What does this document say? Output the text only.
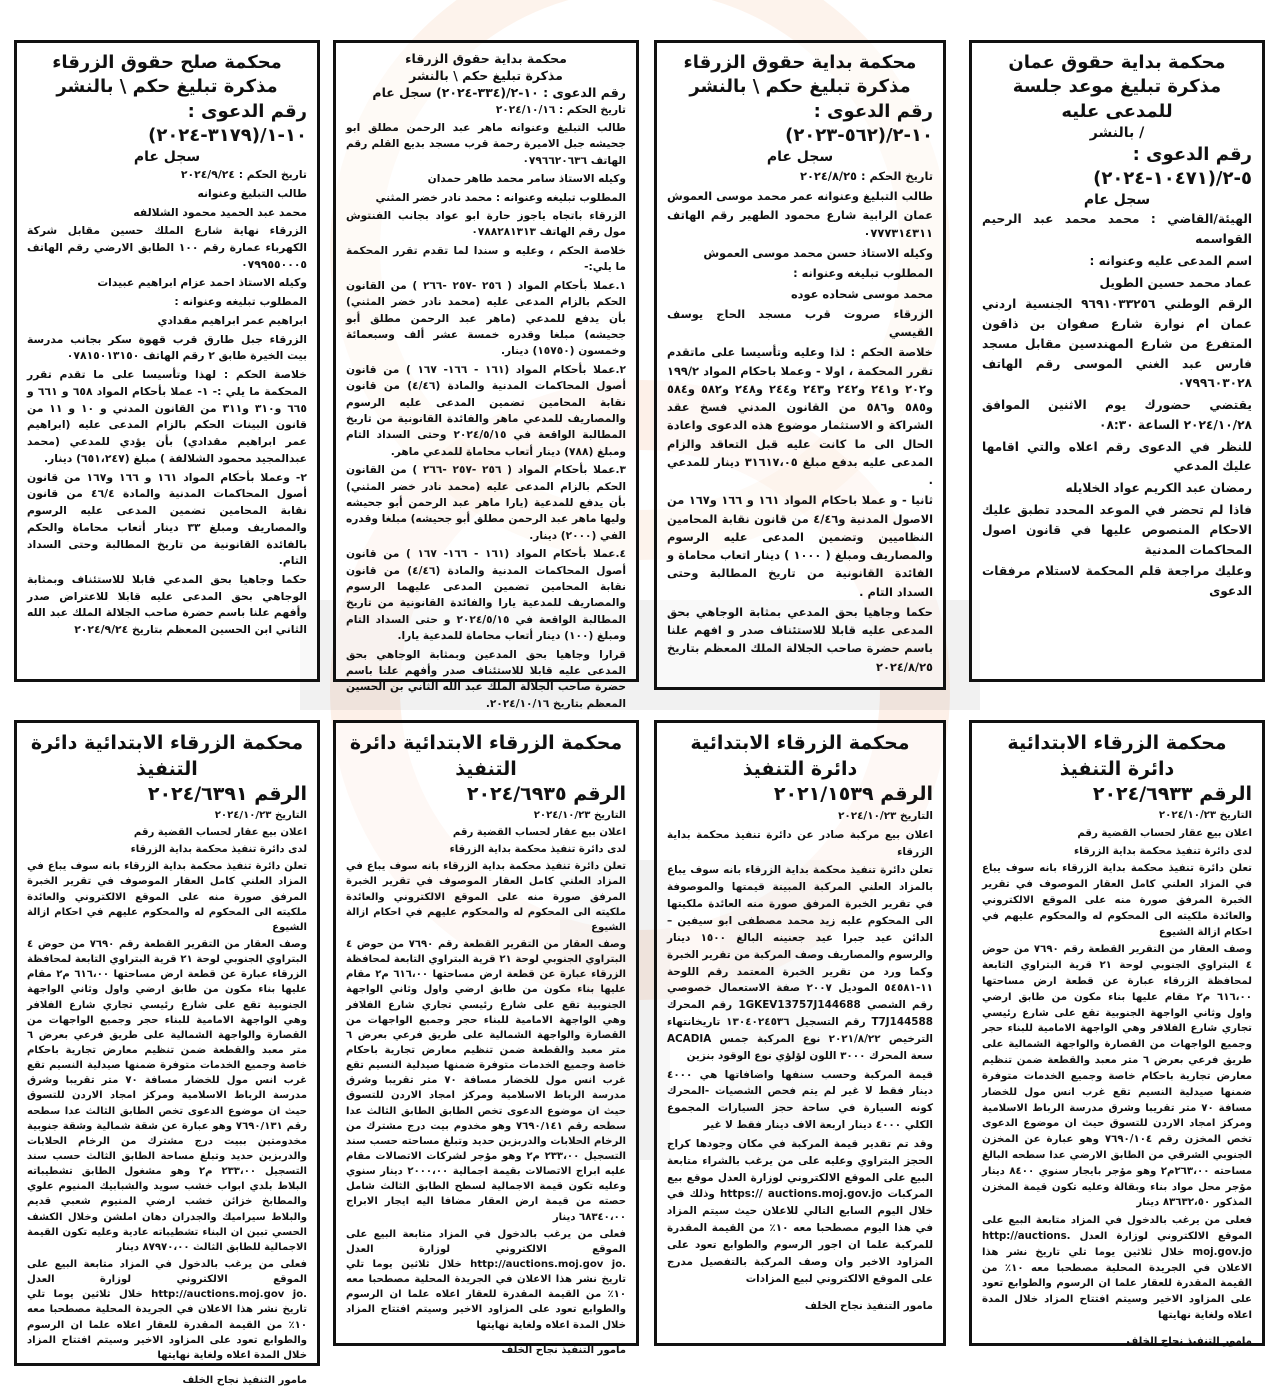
محكمة بداية حقوق عمان
مذكرة تبليغ موعد جلسة للمدعى عليه
/ بالنشر
رقم الدعوى : ٥-٢/(١٠٤٧١-٢٠٢٤)
سجل عام

الهيئة/القاضي : محمد محمد عبد الرحيم القواسمه

اسم المدعى عليه وعنوانه :

عماد محمد حسين الطويل

الرقم الوطني ٩٦٩١٠٣٣٢٥٦ الجنسية اردني عمان ام نوارة شارع صفوان بن ذاقون المتفرع من شارع المهندسين مقابل مسجد فارس عبد الغني الموسى رقم الهاتف ٠٧٩٩٦٠٣٠٢٨

يقتضي حضورك يوم الاثنين الموافق ٢٠٢٤/١٠/٢٨ الساعة ٠٨:٣٠

للنظر في الدعوى رقم اعلاه والتي اقامها عليك المدعي

رمضان عبد الكريم عواد الخلايله

فاذا لم تحضر في الموعد المحدد تطبق عليك الاحكام المنصوص عليها في قانون اصول المحاكمات المدنية

وعليك مراجعة قلم المحكمة لاستلام مرفقات الدعوى

محكمة بداية حقوق الزرقاء
مذكرة تبليغ حكم \ بالنشر
رقم الدعوى : ١٠-٢/(٥٦٢-٢٠٢٣)
سجل عام

تاريخ الحكم : ٢٠٢٤/٨/٢٥

طالب التبليغ وعنوانه عمر محمد موسى العموش عمان الرابية شارع محمود الطهير رقم الهاتف ٠٧٧٧٣١٤٣١١

وكيله الاستاذ حسن محمد موسى العموش

المطلوب تبليغه وعنوانه :

محمد موسى شحاده عوده

الزرقاء صروت قرب مسجد الحاج يوسف القيسي

خلاصة الحكم : لذا وعليه وتأسيسا على ماتقدم تقرر المحكمة ، اولا - وعملا باحكام المواد ١٩٩/٢ و٢٠٢ و٢٤١ و٢٤٢ و٢٤٣ و٢٤٤ و٢٤٨ و٥٨٢ و٥٨٤ و٥٨٥ و٥٨٦ من القانون المدني فسخ عقد الشراكة و الاستثمار موضوع هذه الدعوى واعادة الحال الى ما كانت عليه قبل التعاقد والزام المدعى عليه بدفع مبلغ ٣١٦١٧،٠٥ دينار للمدعي .

ثانيا - و عملا باحكام المواد ١٦١ و ١٦٦ و١٦٧ من الاصول المدنية و٤/٤٦ من قانون نقابة المحامين النظاميين وتضمين المدعى عليه الرسوم والمصاريف ومبلغ ( ١٠٠٠ ) دينار اتعاب محاماة و الفائدة القانونية من تاريخ المطالبة وحتى السداد التام .

حكما وجاهيا بحق المدعي بمثابة الوجاهي بحق المدعى عليه قابلا للاستئناف صدر و افهم علنا باسم حضرة صاحب الجلالة الملك المعظم بتاريخ ٢٠٢٤/٨/٢٥

محكمة بداية حقوق الزرقاء
مذكرة تبليغ حكم \ بالنشر
رقم الدعوى : ١٠-٢/(٣٣٤-٢٠٢٤) سجل عام

تاريخ الحكم : ٢٠٢٤/١٠/١٦

طالب التبليغ وعنوانه ماهر عبد الرحمن مطلق ابو جحيشه جبل الاميرة رحمة قرب مسجد بديع القلم رقم الهاتف ٠٧٩٦٦٢٠٦٣٦

وكيله الاستاذ سامر محمد طاهر حمدان

المطلوب تبليغه وعنوانه : محمد نادر خضر المثني

الزرقاء باتجاه ياجوز حارة ابو عواد بجانب الفنتوش مول رقم الهاتف ٠٧٨٨٢٨١٣١٣

خلاصة الحكم ، وعليه و سندا لما تقدم تقرر المحكمة ما يلي:-

١.عملا بأحكام المواد ( ٢٥٦ -٢٥٧ -٢٦٦ ) من القانون الحكم بالزام المدعى عليه (محمد نادر خضر المثني) بأن يدفع للمدعي (ماهر عبد الرحمن مطلق أبو جحيشه) مبلغا وقدره خمسة عشر ألف وسبعمائة وخمسون (١٥٧٥٠) دينار.

٢.عملا بأحكام المواد (١٦١ - ١٦٦- ١٦٧ ) من قانون أصول المحاكمات المدنية والمادة (٤/٤٦) من قانون نقابة المحامين تضمين المدعى عليه الرسوم والمصاريف للمدعي ماهر والفائدة القانونية من تاريخ المطالبة الواقعة في ٢٠٢٤/٥/١٥ وحتى السداد التام ومبلغ (٧٨٨) دينار أتعاب محاماة للمدعي ماهر.

٣.عملا بأحكام المواد ( ٢٥٦ -٢٥٧ -٢٦٦ ) من القانون الحكم بالزام المدعى عليه (محمد نادر خضر المثني) بأن يدفع للمدعية (يارا ماهر عبد الرحمن أبو جحيشه وليها ماهر عبد الرحمن مطلق أبو جحيشه) مبلغا وقدره الفي (٢٠٠٠) دينار.

٤.عملا بأحكام المواد (١٦١ - ١٦٦- ١٦٧ ) من قانون أصول المحاكمات المدنية والمادة (٤/٤٦) من قانون نقابة المحامين تضمين المدعى عليهما الرسوم والمصاريف للمدعية يارا والفائدة القانونية من تاريخ المطالبة الواقعة في ٢٠٢٤/٥/١٥ و حتى السداد التام ومبلغ (١٠٠) دينار أتعاب محاماة للمدعية يارا.

قرارا وجاهيا بحق المدعين وبمثابة الوجاهي بحق المدعى عليه قابلا للاستئناف صدر وأفهم علنا باسم حضرة صاحب الجلالة الملك عبد الله الثاني بن الحسين المعظم بتاريخ ٢٠٢٤/١٠/١٦.

محكمة صلح حقوق الزرقاء
مذكرة تبليغ حكم \ بالنشر
رقم الدعوى : ١٠-١/(٣١٧٩-٢٠٢٤)
سجل عام

تاريخ الحكم : ٢٠٢٤/٩/٢٤

طالب التبليغ وعنوانه

محمد عبد الحميد محمود الشلالفه

الزرقاء نهاية شارع الملك حسين مقابل شركة الكهرباء عمارة رقم ١٠٠ الطابق الارضي رقم الهاتف ٠٧٩٩٥٥٠٠٠٥

وكيله الاستاذ احمد عزام ابراهيم عبيدات

المطلوب تبليغه وعنوانه :

ابراهيم عمر ابراهيم مقدادي

الزرقاء جبل طارق قرب قهوة سكر بجانب مدرسة بيت الخيرة طابق ٢ رقم الهاتف ٠٧٨١٥٠١٣١٥٠

خلاصة الحكم : لهذا وتأسيسا على ما تقدم تقرر المحكمة ما يلي :- ١- عملا بأحكام المواد ٦٥٨ و ٦٦١ و ٦٦٥ و٣١٠ و٣١١ من القانون المدني و ١٠ و ١١ من قانون البينات الحكم بالزام المدعى عليه (ابراهيم عمر ابراهيم مقدادي) بأن يؤدي للمدعي (محمد عبدالمجيد محمود الشلالفة ) مبلغ (٦٥١،٢٤٧) دينار.

٢- وعملا بأحكام المواد ١٦١ و ١٦٦ و١٦٧ من قانون أصول المحاكمات المدنية والمادة ٤٦/٤ من قانون نقابة المحامين تضمين المدعى عليه الرسوم والمصاريف ومبلغ ٣٣ دينار أتعاب محاماة والحكم بالفائدة القانونية من تاريخ المطالبة وحتى السداد التام.

حكما وجاهيا بحق المدعي قابلا للاستئناف وبمثابة الوجاهي بحق المدعى عليه قابلا للاعتراض صدر وأفهم علنا باسم حضرة صاحب الجلالة الملك عبد الله الثاني ابن الحسين المعظم بتاريخ ٢٠٢٤/٩/٢٤

محكمة الزرقاء الابتدائية دائرة التنفيذ
الرقم ٢٠٢٤/٦٩٣٣

التاريخ ٢٠٢٤/١٠/٢٣

اعلان بيع عقار لحساب القضية رقم

لدى دائرة تنفيذ محكمة بداية الزرقاء

تعلن دائرة تنفيذ محكمة بداية الزرقاء بانه سوف يباع في المزاد العلني كامل العقار الموصوف في تقرير الخبرة المرفق صورة منه على الموقع الالكتروني والعائدة ملكيته الى المحكوم له والمحكوم عليهم في احكام ازالة الشيوع

وصف العقار من التقرير القطعة رقم ٧٦٩٠ من حوض ٤ البتراوي الجنوبي لوحة ٢١ قرية البتراوي التابعة لمحافظة الزرقاء عبارة عن قطعة ارض مساحتها ٦١٦،٠٠ م٢ مقام عليها بناء مكون من طابق ارضي واول وثاني الواجهة الجنوبية تقع على شارع رئيسي تجاري شارع الفلافر وهي الواجهة الامامية للبناء حجر وجميع الواجهات من القصارة والواجهة الشمالية على طريق فرعي بعرض ٦ متر معبد والقطعة ضمن تنظيم معارض تجارية باحكام خاصة وجميع الخدمات متوفرة ضمنها صيدلية النسيم تقع غرب انس مول للخضار مسافة ٧٠ متر تقريبا وشرق مدرسة الرباط الاسلامية ومركز امجاد الاردن للتسوق حيث ان موضوع الدعوى تخص المخزن رقم ٧٦٩٠/١٠٤ وهو عبارة عن المخزن الجنوبي الشرقي من الطابق الارضي عدا سطحه البالغ مساحته ٢٦٣،٠٠م٢ وهو مؤجر بايجار سنوي ٨٤٠٠ دينار مؤجر محل مواد بناء وبقالة وعليه تكون قيمة المخزن المذكور ٨٣٦٣٢،٥٠ دينار

فعلى من يرغب بالدخول في المزاد متابعة البيع على الموقع الالكتروني لوزارة العدل .http://auctions moj.gov.jo خلال ثلاثين يوما تلي تاريخ نشر هذا الاعلان في الجريدة المحلية مصطحبا معه ١٠٪ من القيمة المقدرة للعقار علما ان الرسوم والطوابع تعود على المزاود الاخير وسيتم افتتاح المزاد خلال المدة اعلاه ولغاية نهايتها

مامور التنفيذ نجاح الخلف
محكمة الزرقاء الابتدائية دائرة التنفيذ
الرقم ٢٠٢١/١٥٣٩

التاريخ ٢٠٢٤/١٠/٢٣

اعلان بيع مركبة صادر عن دائرة تنفيذ محكمة بداية الزرقاء

تعلن دائرة تنفيذ محكمة بداية الزرقاء بانه سوف يباع بالمزاد العلني المركبة المبينة قيمتها والموصوفة في تقرير الخبرة المرفق صورة منه العائدة ملكيتها الى المحكوم عليه زيد محمد مصطفى ابو سيفين – الدائن عيد جبرا عيد جعنينه البالغ ١٥٠٠ دينار والرسوم والمصاريف وصف المركبة من تقرير الخبرة وكما ورد من تقرير الخبرة المعتمد رقم اللوحة ١١-٥٤٥٨١ الموديل ٢٠٠٧ صفة الاستعمال خصوصي رقم الشصي 1GKEV13757J144688 رقم المحرك T7J144588 رقم التسجيل ١٣٠٤٠٢٤٥٣٦ تاريخانتهاء الترخيص ٢٠٢١/٨/٢٢ نوع المركبة جمس ACADIA سعة المحرك ٣٠٠٠ اللون لؤلؤي نوع الوقود بنزين

قيمة المركبة وحسب سنفها واضافاتها هي ٤٠٠٠ دينار فقط لا غير لم يتم فحص الشصيات -المحرك كونه السيارة في ساحة حجز السيارات المجموع الكلي ٤٠٠٠ دينار اربعة الاف دينار فقط لا غير

وقد تم تقدير قيمة المركبة في مكان وجودها كراج الحجز البتراوي وعليه على من يرغب بالشراء متابعة البيع على الموقع الالكتروني لوزارة العدل موقع بيع المركبات https:// auctions.moj.gov.jo وذلك في خلال اليوم السابع التالي للاعلان حيث سيتم المزاد في هذا اليوم مصطحبا معه ١٠٪ من القيمة المقدرة للمركبة علما ان اجور الرسوم والطوابع تعود على المزاود الاخير وان وصف المركبة بالتفصيل مدرج على الموقع الالكتروني لبيع المزادات

مامور التنفيذ نجاح الخلف
محكمة الزرقاء الابتدائية دائرة التنفيذ
الرقم ٢٠٢٤/٦٩٣٥

التاريخ ٢٠٢٤/١٠/٢٣

اعلان بيع عقار لحساب القضية رقم

لدى دائرة تنفيذ محكمة بداية الزرقاء

تعلن دائرة تنفيذ محكمة بداية الزرقاء بانه سوف يباع في المزاد العلني كامل العقار الموصوف في تقرير الخبرة المرفق صورة منه على الموقع الالكتروني والعائدة ملكيته الى المحكوم له والمحكوم عليهم في احكام ازالة الشيوع

وصف العقار من التقرير القطعة رقم ٧٦٩٠ من حوض ٤ البتراوي الجنوبي لوحة ٢١ قرية البتراوي التابعة لمحافظة الزرقاء عبارة عن قطعة ارض مساحتها ٦١٦،٠٠ م٢ مقام عليها بناء مكون من طابق ارضي واول وثاني الواجهة الجنوبية تقع على شارع رئيسي تجاري شارع الفلافر وهي الواجهة الامامية للبناء حجر وجميع الواجهات من القصارة والواجهة الشمالية على طريق فرعي بعرض ٦ متر معبد والقطعة ضمن تنظيم معارض تجارية باحكام خاصة وجميع الخدمات متوفرة ضمنها صيدلية النسيم تقع غرب انس مول للخضار مسافة ٧٠ متر تقريبا وشرق مدرسة الرباط الاسلامية ومركز امجاد الاردن للتسوق حيث ان موضوع الدعوى تخص الطابق الطابق الثالث عدا سطحه رقم ٧٦٩٠/١٤١ وهو مخدوم بيت درج مشترك من الرخام الحلابات والدربزين حديد وتبلغ مساحته حسب سند التسجيل ٢٣٣،٠٠ م٢ وهو مؤجر لشركات الاتصالات مقام عليه ابراج الاتصالات بقيمة اجمالية ٢٠٠٠،٠٠ دينار سنوي وعليه تكون قيمة الاجمالية لسطح الطابق الثالث شامل حصته من قيمة ارض العقار مضافا اليه ايجار الابراج ٦٨٣٤٠،٠٠ دينار

فعلى من يرغب بالدخول في المزاد متابعة البيع على الموقع الالكتروني لوزارة العدل .http://auctions.moj.gov jo خلال ثلاثين يوما تلي تاريخ نشر هذا الاعلان في الجريدة المحلية مصطحبا معه ١٠٪ من القيمة المقدرة للعقار اعلاه علما ان الرسوم والطوابع تعود على المزاود الاخير وسيتم افتتاح المزاد خلال المدة اعلاه ولغاية نهايتها

مامور التنفيذ نجاح الخلف
محكمة الزرقاء الابتدائية دائرة التنفيذ
الرقم ٢٠٢٤/٦٣٩١

التاريخ ٢٠٢٤/١٠/٢٣

اعلان بيع عقار لحساب القضية رقم

لدى دائرة تنفيذ محكمة بداية الزرقاء

تعلن دائرة تنفيذ محكمة بداية الزرقاء بانه سوف يباع في المزاد العلني كامل العقار الموصوف في تقرير الخبرة المرفق صورة منه على الموقع الالكتروني والعائدة ملكيته الى المحكوم له والمحكوم عليهم في احكام ازالة الشيوع

وصف العقار من التقرير القطعة رقم ٧٦٩٠ من حوض ٤ البتراوي الجنوبي لوحة ٢١ قرية البتراوي التابعة لمحافظة الزرقاء عبارة عن قطعة ارض مساحتها ٦١٦،٠٠ م٢ مقام عليها بناء مكون من طابق ارضي واول وثاني الواجهة الجنوبية تقع على شارع رئيسي تجاري شارع الفلافر وهي الواجهة الامامية للبناء حجر وجميع الواجهات من القصارة والواجهة الشمالية على طريق فرعي بعرض ٦ متر معبد والقطعة ضمن تنظيم معارض تجارية باحكام خاصة وجميع الخدمات متوفرة ضمنها صيدلية النسيم تقع غرب انس مول للخضار مسافة ٧٠ متر تقريبا وشرق مدرسة الرباط الاسلامية ومركز امجاد الاردن للتسوق حيث ان موضوع الدعوى تخص الطابق الثالث عدا سطحه رقم ٧٦٩٠/١٣١ وهو عبارة عن شقة شمالية وشقة جنوبية مخدومتين ببيت درج مشترك من الرخام الحلابات والدربزين حديد وتبلغ مساحة الطابق الثالث حسب سند التسجيل ٢٣٣،٠٠ م٢ وهو مشغول الطابق تشطيباته البلاط بلدي ابواب خشب سويد والشبابيك المنيوم علوي والمطابخ خزائن خشب ارضي المنيوم شعبي قديم والبلاط سيراميك والجدران دهان املشن وخلال الكشف الحسي تبين ان البناء تشطيباته عادية وعليه تكون القيمة الاجمالية للطابق الثالث ٨٧٩٧٠،٠٠ دينار

فعلى من يرغب بالدخول في المزاد متابعة البيع على الموقع الالكتروني لوزارة العدل .http://auctions.moj.gov jo خلال ثلاثين يوما تلي تاريخ نشر هذا الاعلان في الجريدة المحلية مصطحبا معه ١٠٪ من القيمة المقدرة للعقار اعلاه علما ان الرسوم والطوابع تعود على المزاود الاخير وسيتم افتتاح المزاد خلال المدة اعلاه ولغاية نهايتها

مامور التنفيذ نجاح الخلف
